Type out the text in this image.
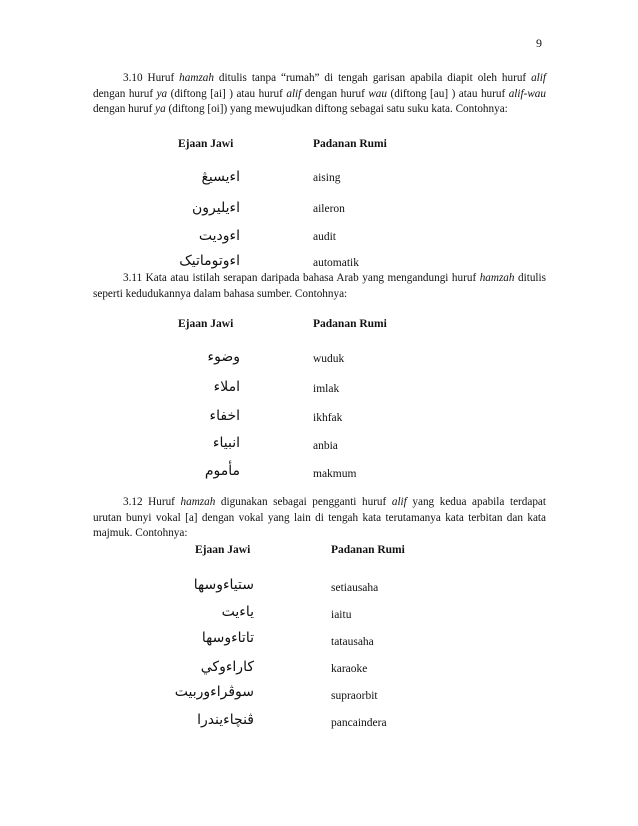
9

3.10 Huruf hamzah ditulis tanpa “rumah” di tengah garisan apabila diapit oleh huruf alif dengan huruf ya (diftong [ai] ) atau huruf alif dengan huruf wau (diftong [au] ) atau huruf alif-wau dengan huruf ya (diftong [oi]) yang mewujudkan diftong sebagai satu suku kata. Contohnya:

Ejaan Jawi	Padanan Rumi
اءيسيڠ	aising
اءيليرون	aileron
اءوديت	audit
اءوتوماتيک	automatik

3.11 Kata atau istilah serapan daripada bahasa Arab yang mengandungi huruf hamzah ditulis seperti kedudukannya dalam bahasa sumber. Contohnya:

Ejaan Jawi	Padanan Rumi
وضوء	wuduk
املاء	imlak
اخفاء	ikhfak
انبياء	anbia
مأموم	makmum

3.12 Huruf hamzah digunakan sebagai pengganti huruf alif yang kedua apabila terdapat urutan bunyi vokal [a] dengan vokal yang lain di tengah kata terutamanya kata terbitan dan kata majmuk. Contohnya:

Ejaan Jawi	Padanan Rumi
ستياءوسها	setiausaha
ياءيت	iaitu
تاتاءوسها	tatausaha
کاراءوکي	karaoke
سوڤراءوربيت	supraorbit
ڤنچاءيندرا	pancaindera
